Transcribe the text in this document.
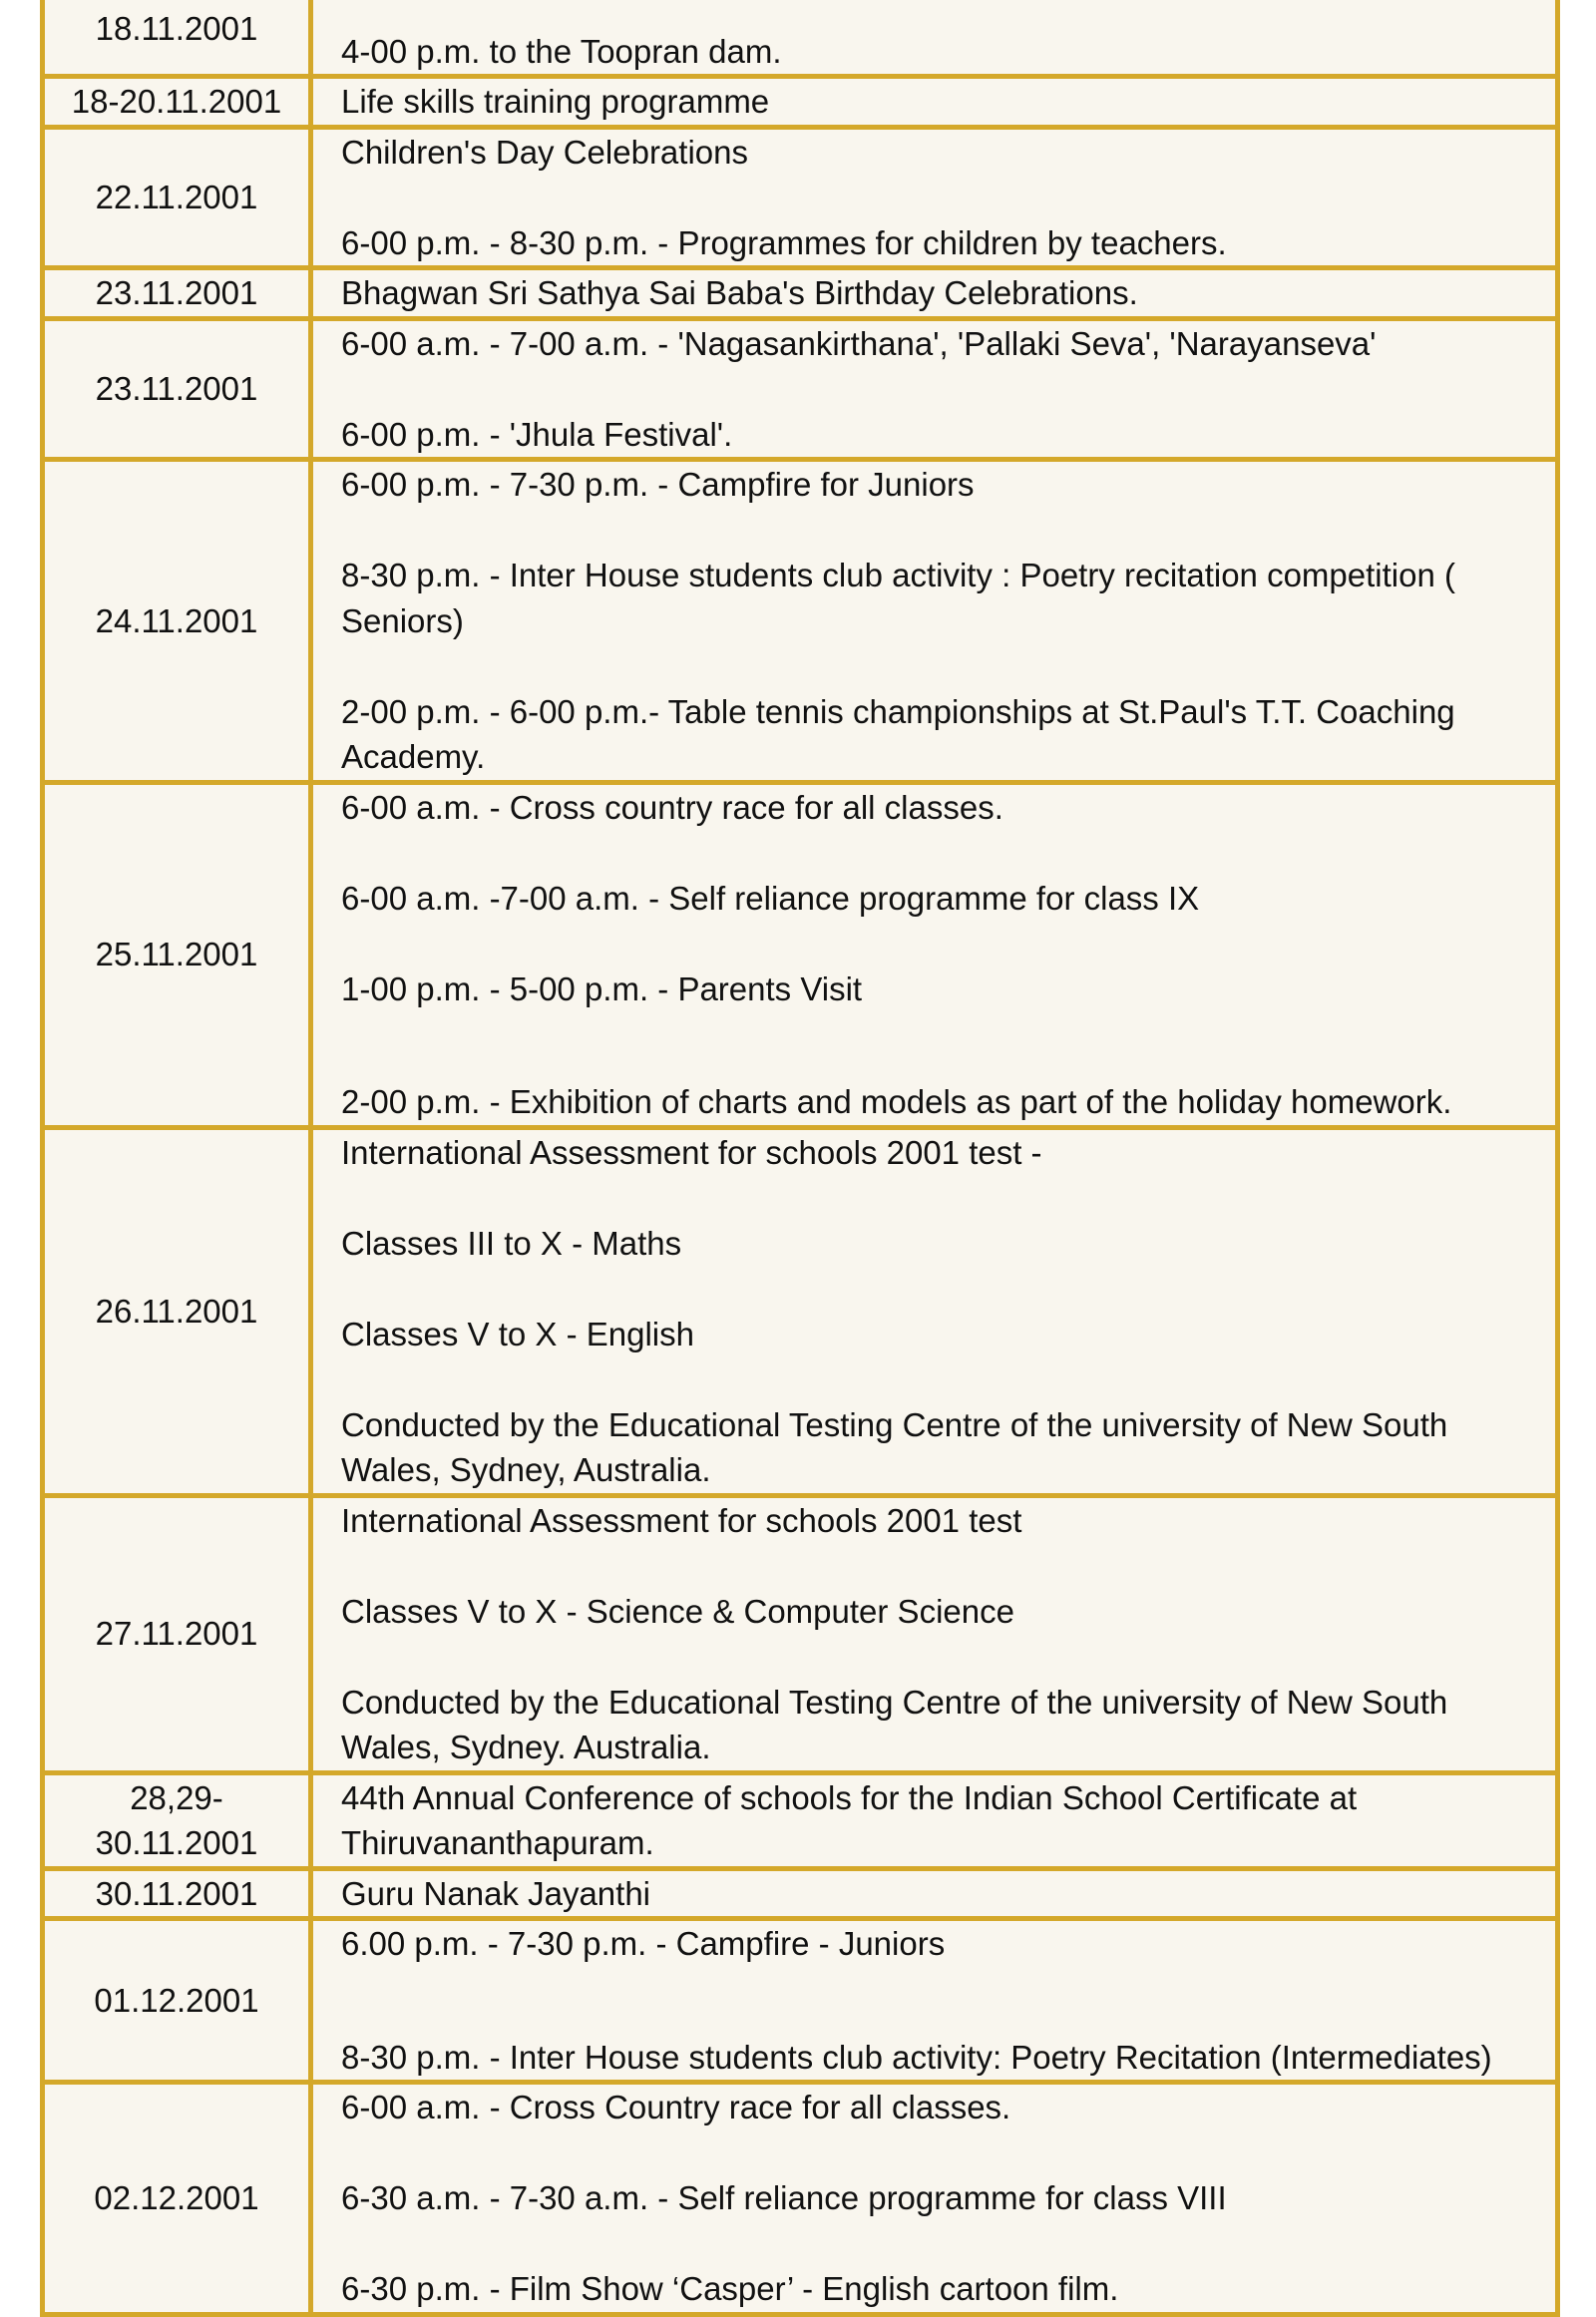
18.11.2001	4-00 p.m. to the Toopran dam.

18-20.11.2001	Life skills training programme

22.11.2001	Children's Day Celebrations
6-00 p.m. - 8-30 p.m. - Programmes for children by teachers.

23.11.2001	Bhagwan Sri Sathya Sai Baba's Birthday Celebrations.

23.11.2001	6-00 a.m. - 7-00 a.m. - 'Nagasankirthana', 'Pallaki Seva', 'Narayanseva'
6-00 p.m. - 'Jhula Festival'.

24.11.2001	6-00 p.m. - 7-30 p.m. - Campfire for Juniors
8-30 p.m. - Inter House students club activity : Poetry recitation competition ( Seniors)
2-00 p.m. - 6-00 p.m.- Table tennis championships at St.Paul's T.T. Coaching Academy.

25.11.2001	6-00 a.m. - Cross country race for all classes.
6-00 a.m. -7-00 a.m. - Self reliance programme for class IX
1-00 p.m. - 5-00 p.m. - Parents Visit
2-00 p.m. - Exhibition of charts and models as part of the holiday homework.

26.11.2001	International Assessment for schools 2001 test -
Classes III to X - Maths
Classes V to X - English
Conducted by the Educational Testing Centre of the university of New South Wales, Sydney, Australia.

27.11.2001	International Assessment for schools 2001 test
Classes V to X - Science & Computer Science
Conducted by the Educational Testing Centre of the university of New South Wales, Sydney. Australia.

28,29-
30.11.2001	44th Annual Conference of schools for the Indian School Certificate at Thiruvananthapuram.

30.11.2001	Guru Nanak Jayanthi

01.12.2001	6.00 p.m. - 7-30 p.m. - Campfire - Juniors
8-30 p.m. - Inter House students club activity: Poetry Recitation (Intermediates)

02.12.2001	6-00 a.m. - Cross Country race for all classes.
6-30 a.m. - 7-30 a.m. - Self reliance programme for class VIII
6-30 p.m. - Film Show ‘Casper’ - English cartoon film.
